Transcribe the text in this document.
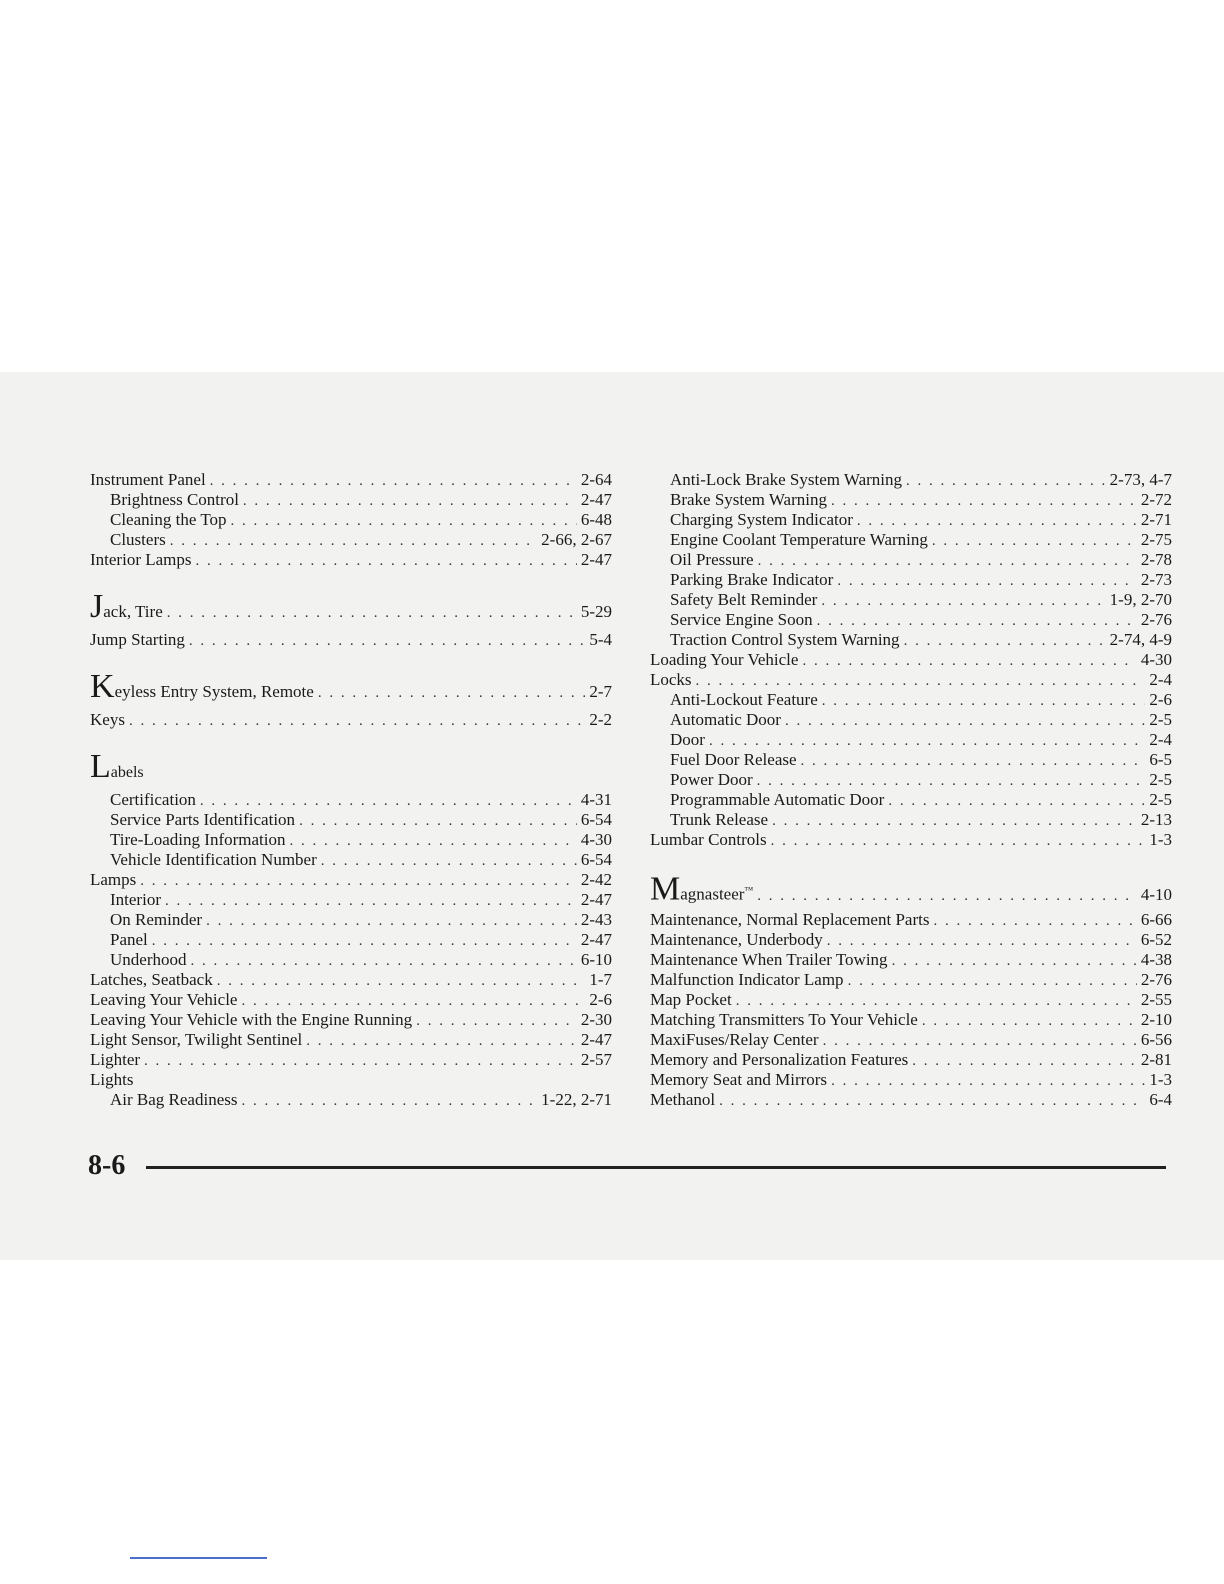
Instrument Panel . . .	2-64
Brightness Control . . .	2-47
Cleaning the Top . . .	6-48
Clusters . . .	2-66, 2-67
Interior Lamps . . .	2-47
Jack, Tire . . .	5-29
Jump Starting . . .	5-4
Keyless Entry System, Remote . . .	2-7
Keys . . .	2-2
Labels
Certification . . .	4-31
Service Parts Identification . . .	6-54
Tire-Loading Information . . .	4-30
Vehicle Identification Number . . .	6-54
Lamps . . .	2-42
Interior . . .	2-47
On Reminder . . .	2-43
Panel . . .	2-47
Underhood . . .	6-10
Latches, Seatback . . .	1-7
Leaving Your Vehicle . . .	2-6
Leaving Your Vehicle with the Engine Running . . .	2-30
Light Sensor, Twilight Sentinel . . .	2-47
Lighter . . .	2-57
Lights
Air Bag Readiness . . .	1-22, 2-71
Anti-Lock Brake System Warning . . .	2-73, 4-7
Brake System Warning . . .	2-72
Charging System Indicator . . .	2-71
Engine Coolant Temperature Warning . . .	2-75
Oil Pressure . . .	2-78
Parking Brake Indicator . . .	2-73
Safety Belt Reminder . . .	1-9, 2-70
Service Engine Soon . . .	2-76
Traction Control System Warning . . .	2-74, 4-9
Loading Your Vehicle . . .	4-30
Locks . . .	2-4
Anti-Lockout Feature . . .	2-6
Automatic Door . . .	2-5
Door . . .	2-4
Fuel Door Release . . .	6-5
Power Door . . .	2-5
Programmable Automatic Door . . .	2-5
Trunk Release . . .	2-13
Lumbar Controls . . .	1-3
Magnasteer™ . . .	4-10
Maintenance, Normal Replacement Parts . . .	6-66
Maintenance, Underbody . . .	6-52
Maintenance When Trailer Towing . . .	4-38
Malfunction Indicator Lamp . . .	2-76
Map Pocket . . .	2-55
Matching Transmitters To Your Vehicle . . .	2-10
MaxiFuses/Relay Center . . .	6-56
Memory and Personalization Features . . .	2-81
Memory Seat and Mirrors . . .	1-3
Methanol . . .	6-4
8-6
